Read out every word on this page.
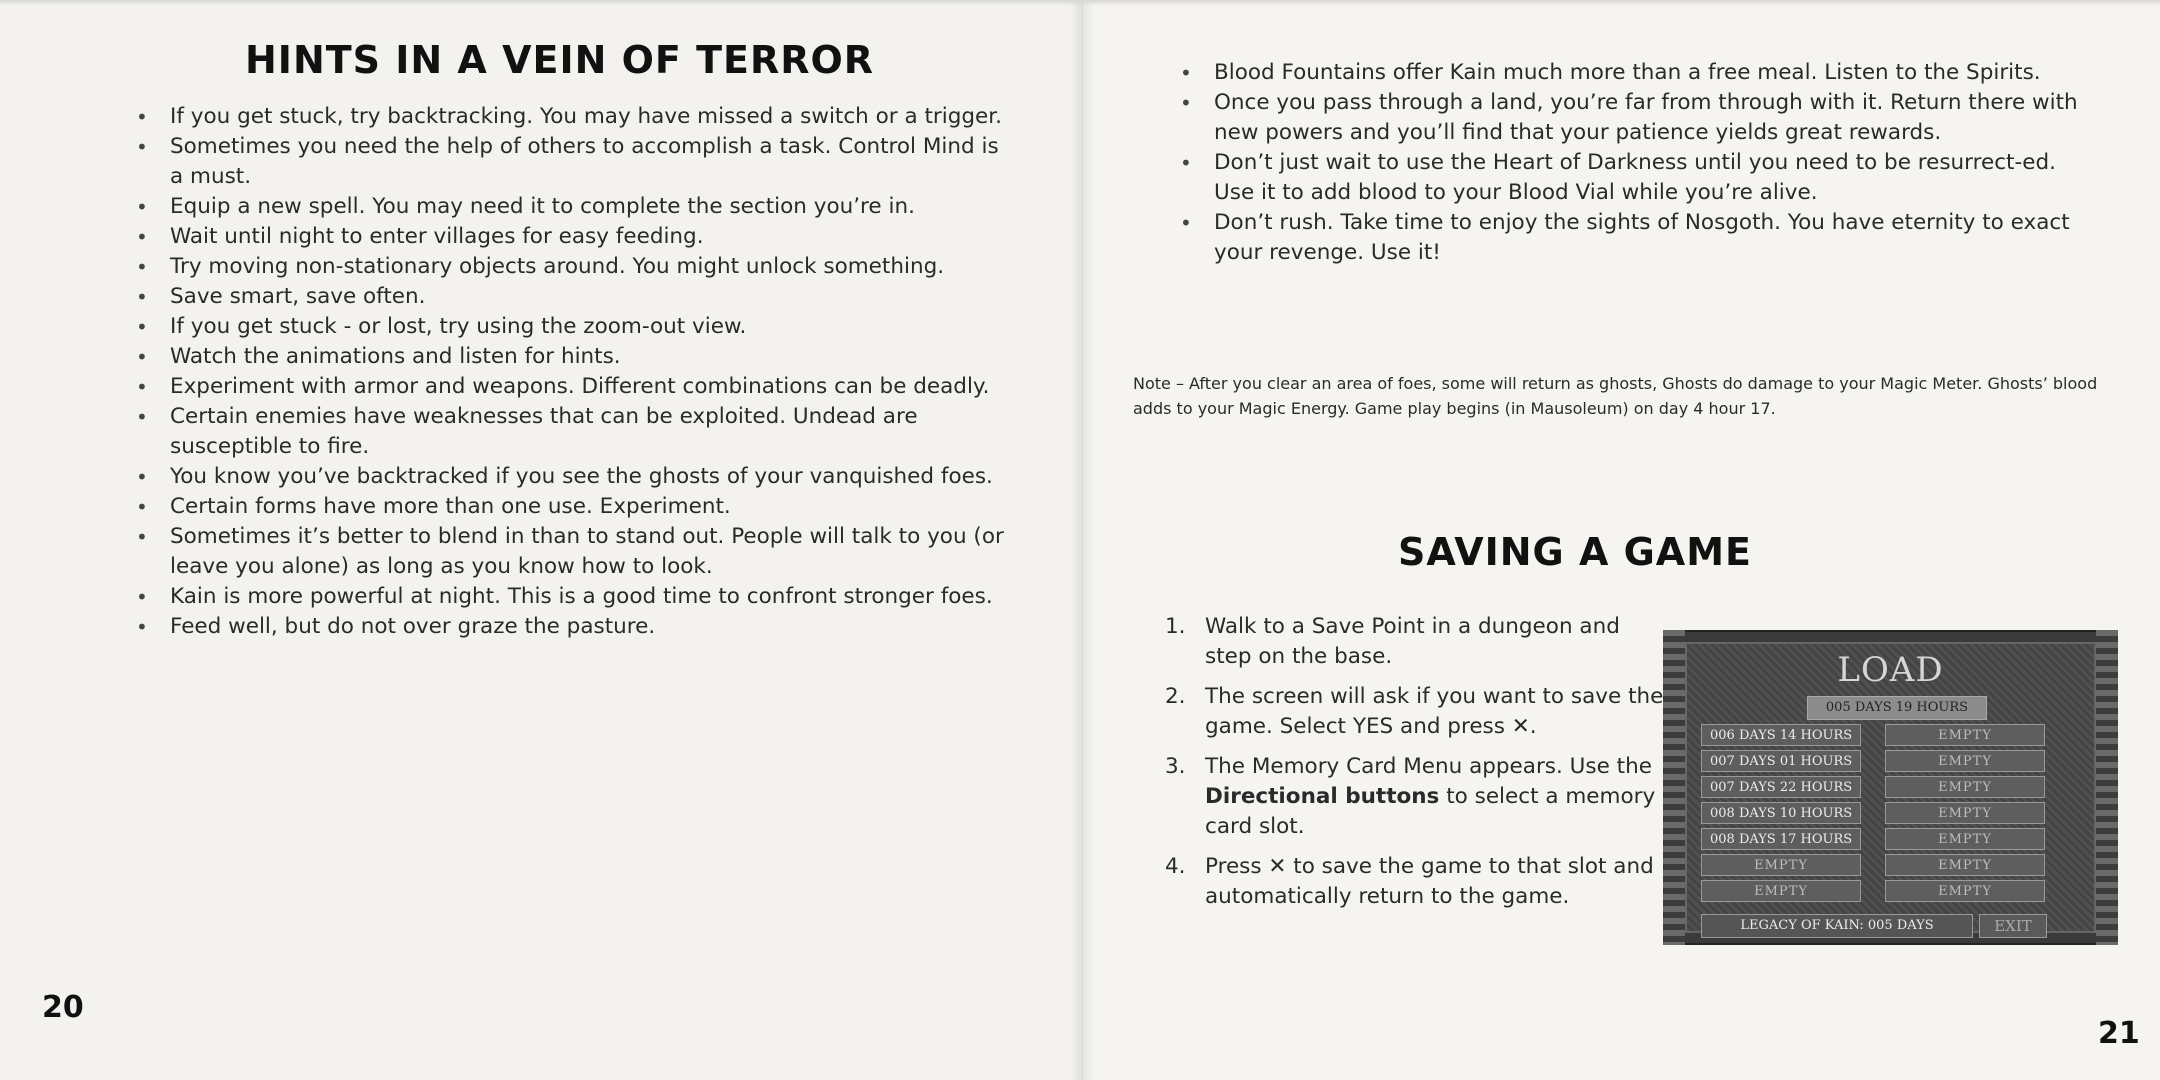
HINTS IN A VEIN OF TERROR
• If you get stuck, try backtracking. You may have missed a switch or a trigger.
• Sometimes you need the help of others to accomplish a task. Control Mind is a must.
• Equip a new spell. You may need it to complete the section you’re in.
• Wait until night to enter villages for easy feeding.
• Try moving non-stationary objects around. You might unlock something.
• Save smart, save often.
• If you get stuck - or lost, try using the zoom-out view.
• Watch the animations and listen for hints.
• Experiment with armor and weapons. Different combinations can be deadly.
• Certain enemies have weaknesses that can be exploited. Undead are susceptible to fire.
• You know you’ve backtracked if you see the ghosts of your vanquished foes.
• Certain forms have more than one use. Experiment.
• Sometimes it’s better to blend in than to stand out. People will talk to you (or leave you alone) as long as you know how to look.
• Kain is more powerful at night. This is a good time to confront stronger foes.
• Feed well, but do not over graze the pasture.

20

• Blood Fountains offer Kain much more than a free meal. Listen to the Spirits.
• Once you pass through a land, you’re far from through with it. Return there with new powers and you’ll find that your patience yields great rewards.
• Don’t just wait to use the Heart of Darkness until you need to be resurrect-ed. Use it to add blood to your Blood Vial while you’re alive.
• Don’t rush. Take time to enjoy the sights of Nosgoth. You have eternity to exact your revenge. Use it!

Note – After you clear an area of foes, some will return as ghosts, Ghosts do damage to your Magic Meter. Ghosts’ blood adds to your Magic Energy. Game play begins (in Mausoleum) on day 4 hour 17.

SAVING A GAME
1. Walk to a Save Point in a dungeon and step on the base.
2. The screen will ask if you want to save the game. Select YES and press ✕.
3. The Memory Card Menu appears. Use the Directional buttons to select a memory card slot.
4. Press ✕ to save the game to that slot and automatically return to the game.

LOAD

005 DAYS 19 HOURS
006 DAYS 14 HOURS
007 DAYS 01 HOURS
007 DAYS 22 HOURS
008 DAYS 10 HOURS
008 DAYS 17 HOURS
EMPTY
EMPTY
EMPTY
EMPTY
EMPTY
EMPTY
EMPTY
EMPTY
EMPTY
LEGACY OF KAIN: 005 DAYS	EXIT

21
